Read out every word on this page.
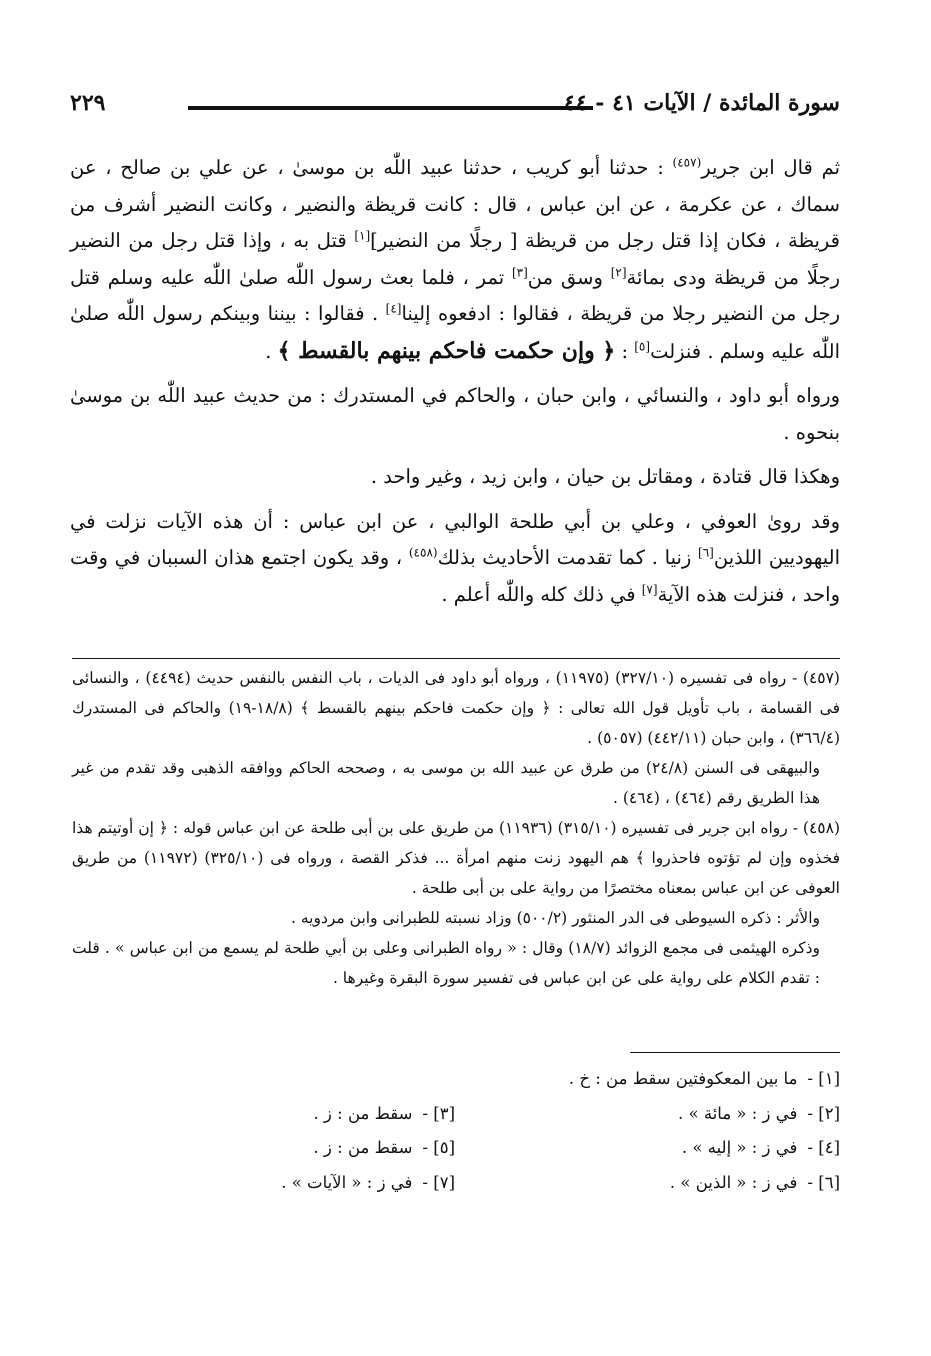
سورة المائدة / الآيات ٤١ - ٤٤
٢٢٩

ثم قال ابن جرير$^{(٤٥٧)}$ : حدثنا أبو كريب ، حدثنا عبيد اللّٰه بن موسىٰ ، عن علي بن صالح ، عن سماك ، عن عكرمة ، عن ابن عباس ، قال : كانت قريظة والنضير ، وكانت النضير أشرف من قريظة ، فكان إذا قتل رجل من قريظة [ رجلًا من النضير][١] قتل به ، وإذا قتل رجل من النضير رجلًا من قريظة ودى بمائة[٢] وسق من[٣] تمر ، فلما بعث رسول اللّٰه صلىٰ اللّٰه عليه وسلم قتل رجل من النضير رجلا من قريظة ، فقالوا : ادفعوه إلينا[٤] . فقالوا : بيننا وبينكم رسول اللّٰه صلىٰ اللّٰه عليه وسلم . فنزلت[٥] : ﴿ وإن حكمت فاحكم بينهم بالقسط ﴾ .

ورواه أبو داود ، والنسائي ، وابن حبان ، والحاكم في المستدرك : من حديث عبيد اللّٰه بن موسىٰ بنحوه .

وهكذا قال قتادة ، ومقاتل بن حيان ، وابن زيد ، وغير واحد .

وقد روىٰ العوفي ، وعلي بن أبي طلحة الوالبي ، عن ابن عباس : أن هذه الآيات نزلت في اليهوديين اللذين[٦] زنيا . كما تقدمت الأحاديث بذلك$^{(٤٥٨)}$ ، وقد يكون اجتمع هذان السببان في وقت واحد ، فنزلت هذه الآية[٧] في ذلك كله واللّٰه أعلم .

(٤٥٧) - رواه فى تفسيره (٣٢٧/١٠) (١١٩٧٥) ، ورواه أبو داود فى الديات ، باب النفس بالنفس حديث (٤٤٩٤) ، والنسائى فى القسامة ، باب تأويل قول الله تعالى : ﴿ وإن حكمت فاحكم بينهم بالقسط ﴾ (١٨/٨-١٩) والحاكم فى المستدرك (٣٦٦/٤) ، وابن حبان (٤٤٢/١١) (٥٠٥٧) .

والبيهقى فى السنن (٢٤/٨) من طرق عن عبيد الله بن موسى به ، وصححه الحاكم ووافقه الذهبى وقد تقدم من غير هذا الطريق رقم (٤٦٤) ، (٤٦٤) .

(٤٥٨) - رواه ابن جرير فى تفسيره (٣١٥/١٠) (١١٩٣٦) من طريق على بن أبى طلحة عن ابن عباس قوله : ﴿ إن أوتيتم هذا فخذوه وإن لم تؤتوه فاحذروا ﴾ هم اليهود زنت منهم امرأة ... فذكر القصة ، ورواه فى (٣٢٥/١٠) (١١٩٧٢) من طريق العوفى عن ابن عباس بمعناه مختصرًا من رواية على بن أبى طلحة .

والأثر : ذكره السيوطى فى الدر المنثور (٥٠٠/٢) وزاد نسبته للطبرانى وابن مردويه .

وذكره الهيثمى فى مجمع الزوائد (١٨/٧) وقال : « رواه الطبرانى وعلى بن أبي طلحة لم يسمع من ابن عباس » . قلت : تقدم الكلام على رواية على عن ابن عباس فى تفسير سورة البقرة وغيرها .

[١] -ما بين المعكوفتين سقط من : خ .
[٢] -في ز : « مائة » .
[٣] -سقط من : ز .
[٤] -في ز : « إليه » .
[٥] -سقط من : ز .
[٦] -في ز : « الذين » .
[٧] -في ز : « الآيات » .
